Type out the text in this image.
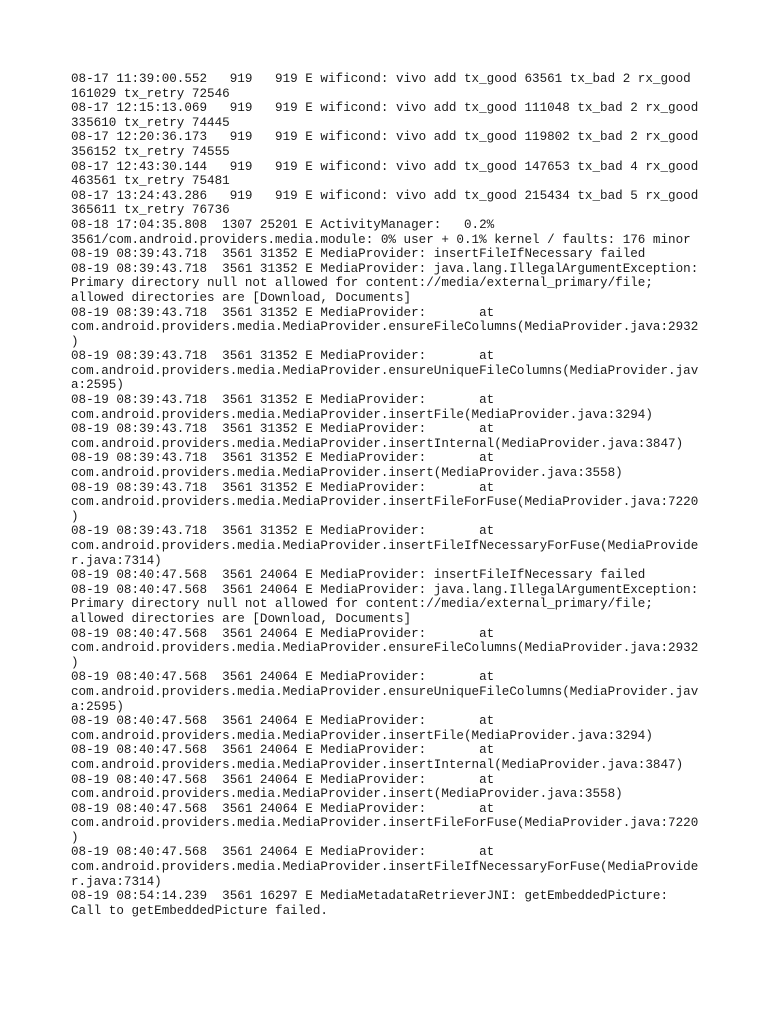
08-17 11:39:00.552   919   919 E wificond: vivo add tx_good 63561 tx_bad 2 rx_good
161029 tx_retry 72546
08-17 12:15:13.069   919   919 E wificond: vivo add tx_good 111048 tx_bad 2 rx_good
335610 tx_retry 74445
08-17 12:20:36.173   919   919 E wificond: vivo add tx_good 119802 tx_bad 2 rx_good
356152 tx_retry 74555
08-17 12:43:30.144   919   919 E wificond: vivo add tx_good 147653 tx_bad 4 rx_good
463561 tx_retry 75481
08-17 13:24:43.286   919   919 E wificond: vivo add tx_good 215434 tx_bad 5 rx_good
365611 tx_retry 76736
08-18 17:04:35.808  1307 25201 E ActivityManager:   0.2%
3561/com.android.providers.media.module: 0% user + 0.1% kernel / faults: 176 minor
08-19 08:39:43.718  3561 31352 E MediaProvider: insertFileIfNecessary failed
08-19 08:39:43.718  3561 31352 E MediaProvider: java.lang.IllegalArgumentException:
Primary directory null not allowed for content://media/external_primary/file;
allowed directories are [Download, Documents]
08-19 08:39:43.718  3561 31352 E MediaProvider:       at
com.android.providers.media.MediaProvider.ensureFileColumns(MediaProvider.java:2932
)
08-19 08:39:43.718  3561 31352 E MediaProvider:       at
com.android.providers.media.MediaProvider.ensureUniqueFileColumns(MediaProvider.jav
a:2595)
08-19 08:39:43.718  3561 31352 E MediaProvider:       at
com.android.providers.media.MediaProvider.insertFile(MediaProvider.java:3294)
08-19 08:39:43.718  3561 31352 E MediaProvider:       at
com.android.providers.media.MediaProvider.insertInternal(MediaProvider.java:3847)
08-19 08:39:43.718  3561 31352 E MediaProvider:       at
com.android.providers.media.MediaProvider.insert(MediaProvider.java:3558)
08-19 08:39:43.718  3561 31352 E MediaProvider:       at
com.android.providers.media.MediaProvider.insertFileForFuse(MediaProvider.java:7220
)
08-19 08:39:43.718  3561 31352 E MediaProvider:       at
com.android.providers.media.MediaProvider.insertFileIfNecessaryForFuse(MediaProvide
r.java:7314)
08-19 08:40:47.568  3561 24064 E MediaProvider: insertFileIfNecessary failed
08-19 08:40:47.568  3561 24064 E MediaProvider: java.lang.IllegalArgumentException:
Primary directory null not allowed for content://media/external_primary/file;
allowed directories are [Download, Documents]
08-19 08:40:47.568  3561 24064 E MediaProvider:       at
com.android.providers.media.MediaProvider.ensureFileColumns(MediaProvider.java:2932
)
08-19 08:40:47.568  3561 24064 E MediaProvider:       at
com.android.providers.media.MediaProvider.ensureUniqueFileColumns(MediaProvider.jav
a:2595)
08-19 08:40:47.568  3561 24064 E MediaProvider:       at
com.android.providers.media.MediaProvider.insertFile(MediaProvider.java:3294)
08-19 08:40:47.568  3561 24064 E MediaProvider:       at
com.android.providers.media.MediaProvider.insertInternal(MediaProvider.java:3847)
08-19 08:40:47.568  3561 24064 E MediaProvider:       at
com.android.providers.media.MediaProvider.insert(MediaProvider.java:3558)
08-19 08:40:47.568  3561 24064 E MediaProvider:       at
com.android.providers.media.MediaProvider.insertFileForFuse(MediaProvider.java:7220
)
08-19 08:40:47.568  3561 24064 E MediaProvider:       at
com.android.providers.media.MediaProvider.insertFileIfNecessaryForFuse(MediaProvide
r.java:7314)
08-19 08:54:14.239  3561 16297 E MediaMetadataRetrieverJNI: getEmbeddedPicture:
Call to getEmbeddedPicture failed.
